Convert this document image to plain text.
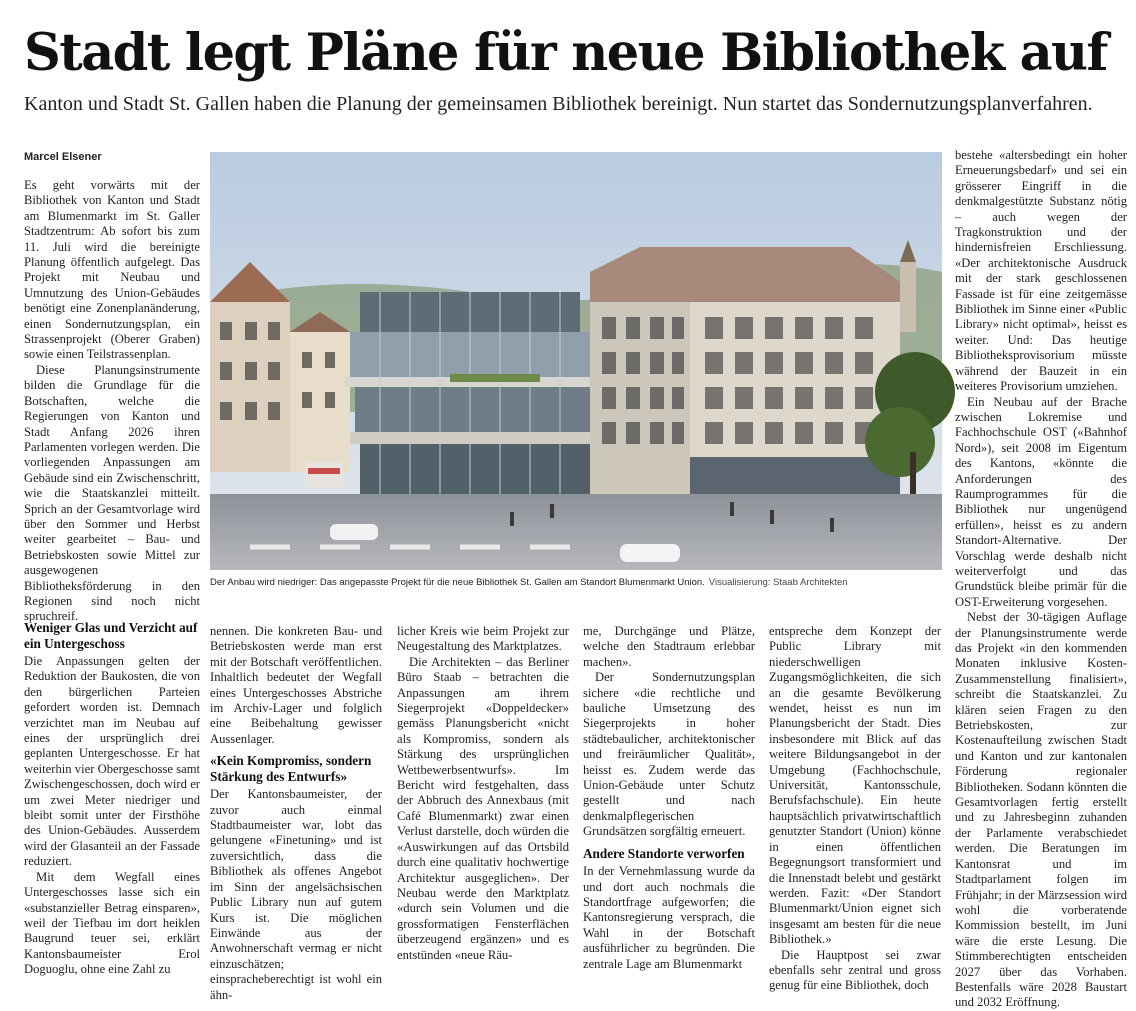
Stadt legt Pläne für neue Bibliothek auf

Kanton und Stadt St. Gallen haben die Planung der gemeinsamen Bibliothek bereinigt. Nun startet das Sondernutzungsplanverfahren.

Marcel Elsener

Es geht vorwärts mit der Bibliothek von Kanton und Stadt am Blumenmarkt im St. Galler Stadtzentrum: Ab sofort bis zum 11. Juli wird die bereinigte Planung öffentlich aufgelegt. Das Projekt mit Neubau und Umnutzung des Union-Gebäudes benötigt eine Zonenplanänderung, einen Sondernutzungsplan, ein Strassenprojekt (Oberer Graben) sowie einen Teilstrassenplan.

Diese Planungsinstrumente bilden die Grundlage für die Botschaften, welche die Regierungen von Kanton und Stadt Anfang 2026 ihren Parlamenten vorlegen werden. Die vorliegenden Anpassungen am Gebäude sind ein Zwischenschritt, wie die Staatskanzlei mitteilt. Sprich an der Gesamtvorlage wird über den Sommer und Herbst weiter gearbeitet – Bau- und Betriebskosten sowie Mittel zur ausgewogenen Bibliotheksförderung in den Regionen sind noch nicht spruchreif.

Weniger Glas und Verzicht auf ein Untergeschoss

Die Anpassungen gelten der Reduktion der Baukosten, die von den bürgerlichen Parteien gefordert worden ist. Demnach verzichtet man im Neubau auf eines der ursprünglich drei geplanten Untergeschosse. Er hat weiterhin vier Obergeschosse samt Zwischengeschossen, doch wird er um zwei Meter niedriger und bleibt somit unter der Firsthöhe des Union-Gebäudes. Ausserdem wird der Glasanteil an der Fassade reduziert.

Mit dem Wegfall eines Untergeschosses lasse sich ein «substanzieller Betrag einsparen», weil der Tiefbau im dort heiklen Baugrund teuer sei, erklärt Kantonsbaumeister Erol Doguoglu, ohne eine Zahl zu

Der Anbau wird niedriger: Das angepasste Projekt für die neue Bibliothek St. Gallen am Standort Blumenmarkt Union. Visualisierung: Staab Architekten

nennen. Die konkreten Bau- und Betriebskosten werde man erst mit der Botschaft veröffentlichen. Inhaltlich bedeutet der Wegfall eines Untergeschosses Abstriche im Archiv-Lager und folglich eine Beibehaltung gewisser Aussenlager.

«Kein Kompromiss, sondern Stärkung des Entwurfs»

Der Kantonsbaumeister, der zuvor auch einmal Stadtbaumeister war, lobt das gelungene «Finetuning» und ist zuversichtlich, dass die Bibliothek als offenes Angebot im Sinn der angelsächsischen Public Library nun auf gutem Kurs ist. Die möglichen Einwände aus der Anwohnerschaft vermag er nicht einzuschätzen; einspracheberechtigt ist wohl ein ähn-

licher Kreis wie beim Projekt zur Neugestaltung des Marktplatzes.

Die Architekten – das Berliner Büro Staab – betrachten die Anpassungen am ihrem Siegerprojekt «Doppeldecker» gemäss Planungsbericht «nicht als Kompromiss, sondern als Stärkung des ursprünglichen Wettbewerbsentwurfs». Im Bericht wird festgehalten, dass der Abbruch des Annexbaus (mit Café Blumenmarkt) zwar einen Verlust darstelle, doch würden die «Auswirkungen auf das Ortsbild durch eine qualitativ hochwertige Architektur ausgeglichen». Der Neubau werde den Marktplatz «durch sein Volumen und die grossformatigen Fensterflächen überzeugend ergänzen» und es entstünden «neue Räu-

me, Durchgänge und Plätze, welche den Stadtraum erlebbar machen».

Der Sondernutzungsplan sichere «die rechtliche und bauliche Umsetzung des Siegerprojekts in hoher städtebaulicher, architektonischer und freiräumlicher Qualität», heisst es. Zudem werde das Union-Gebäude unter Schutz gestellt und nach denkmalpflegerischen Grundsätzen sorgfältig erneuert.

Andere Standorte verworfen

In der Vernehmlassung wurde da und dort auch nochmals die Standortfrage aufgeworfen; die Kantonsregierung versprach, die Wahl in der Botschaft ausführlicher zu begründen. Die zentrale Lage am Blumenmarkt

entspreche dem Konzept der Public Library mit niederschwelligen Zugangsmöglichkeiten, die sich an die gesamte Bevölkerung wendet, heisst es nun im Planungsbericht der Stadt. Dies insbesondere mit Blick auf das weitere Bildungsangebot in der Umgebung (Fachhochschule, Universität, Kantonsschule, Berufsfachschule). Ein heute hauptsächlich privatwirtschaftlich genutzter Standort (Union) könne in einen öffentlichen Begegnungsort transformiert und die Innenstadt belebt und gestärkt werden. Fazit: «Der Standort Blumenmarkt/Union eignet sich insgesamt am besten für die neue Bibliothek.»

Die Hauptpost sei zwar ebenfalls sehr zentral und gross genug für eine Bibliothek, doch

bestehe «altersbedingt ein hoher Erneuerungsbedarf» und sei ein grösserer Eingriff in die denkmalgestützte Substanz nötig – auch wegen der Tragkonstruktion und der hindernisfreien Erschliessung. «Der architektonische Ausdruck mit der stark geschlossenen Fassade ist für eine zeitgemässe Bibliothek im Sinne einer «Public Library» nicht optimal», heisst es weiter. Und: Das heutige Bibliotheksprovisorium müsste während der Bauzeit in ein weiteres Provisorium umziehen.

Ein Neubau auf der Brache zwischen Lokremise und Fachhochschule OST («Bahnhof Nord»), seit 2008 im Eigentum des Kantons, «könnte die Anforderungen des Raumprogrammes für die Bibliothek nur ungenügend erfüllen», heisst es zu andern Standort-Alternative. Der Vorschlag werde deshalb nicht weiterverfolgt und das Grundstück bleibe primär für die OST-Erweiterung vorgesehen.

Nebst der 30-tägigen Auflage der Planungsinstrumente werde das Projekt «in den kommenden Monaten inklusive Kosten-Zusammenstellung finalisiert», schreibt die Staatskanzlei. Zu klären seien Fragen zu den Betriebskosten, zur Kostenaufteilung zwischen Stadt und Kanton und zur kantonalen Förderung regionaler Bibliotheken. Sodann könnten die Gesamtvorlagen fertig erstellt und zu Jahresbeginn zuhanden der Parlamente verabschiedet werden. Die Beratungen im Kantonsrat und im Stadtparlament folgen im Frühjahr; in der Märzsession wird wohl die vorberatende Kommission bestellt, im Juni wäre die erste Lesung. Die Stimmberechtigten entscheiden 2027 über das Vorhaben. Bestenfalls wäre 2028 Baustart und 2032 Eröffnung.
